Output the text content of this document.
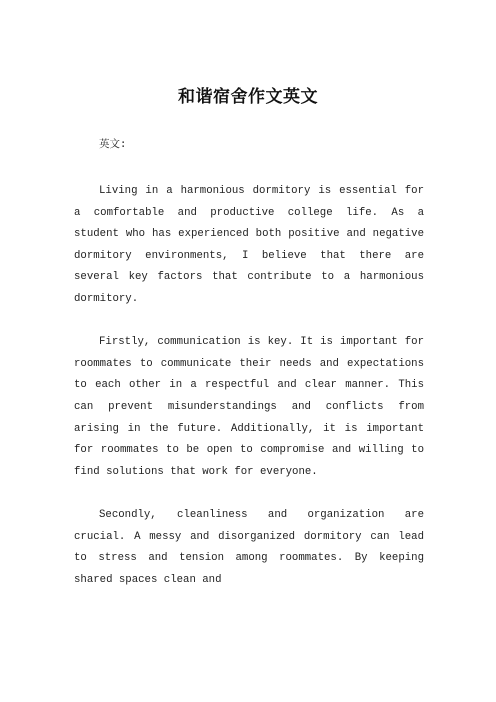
和谐宿舍作文英文
英文:

Living in a harmonious dormitory is essential for a comfortable and productive college life. As a student who has experienced both positive and negative dormitory environments, I believe that there are several key factors that contribute to a harmonious dormitory.

Firstly, communication is key. It is important for roommates to communicate their needs and expectations to each other in a respectful and clear manner. This can prevent misunderstandings and conflicts from arising in the future. Additionally, it is important for roommates to be open to compromise and willing to find solutions that work for everyone.

Secondly, cleanliness and organization are crucial. A messy and disorganized dormitory can lead to stress and tension among roommates. By keeping shared spaces clean and
